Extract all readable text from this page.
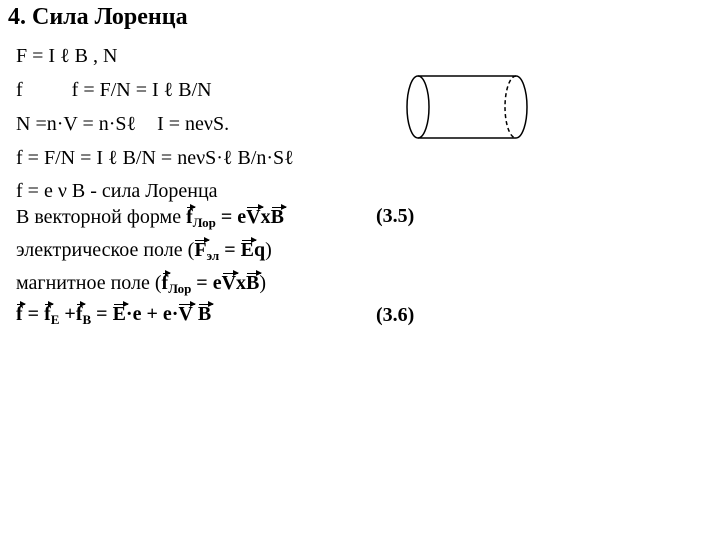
4. Сила Лоренца
F = I ℓ B , N
f f = F/N = I ℓ B/N
N =n·V = n·Sℓ I = neνS.
f = F/N = I ℓ B/N = neνS·ℓ B/n·Sℓ
f = e ν B - сила Лоренца
В векторной форме $f_{Лор}$ = eVxB
электрическое поле $(F_{эл} = Eq)$
магнитное поле ($f_{Лор}$ = eVxB)
$f = f_E +f_B = E\cdot e + e\cdot V$ B
(3.5)
(3.6)
